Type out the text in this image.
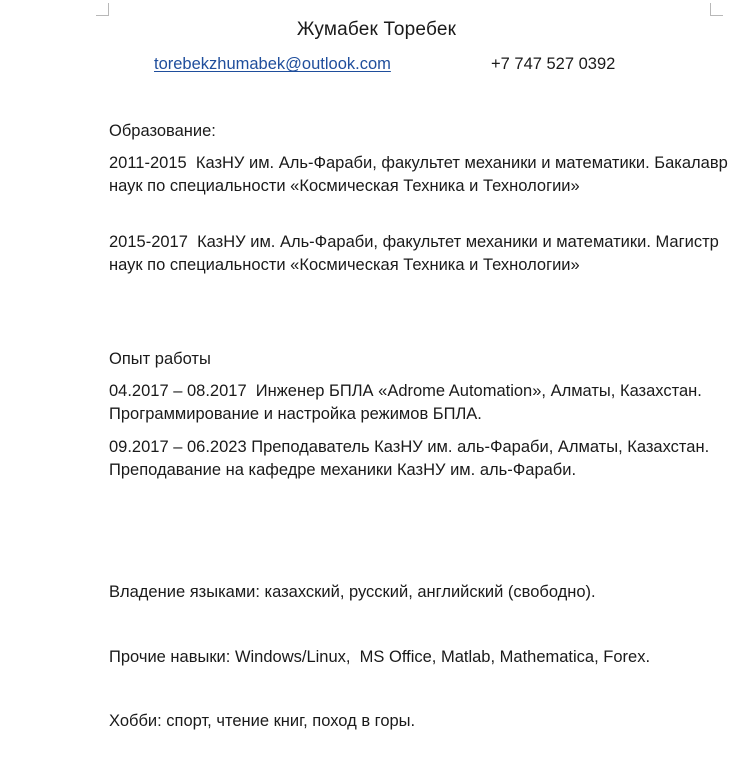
Жумабек Торебек
torebekzhumabek@outlook.com	+7 747 527 0392
Образование:
2011-2015  КазНУ им. Аль-Фараби, факультет механики и математики. Бакалавр наук по специальности «Космическая Техника и Технологии»
2015-2017  КазНУ им. Аль-Фараби, факультет механики и математики. Магистр наук по специальности «Космическая Техника и Технологии»
Опыт работы
04.2017 – 08.2017  Инженер БПЛА «Adrome Automation», Алматы, Казахстан. Программирование и настройка режимов БПЛА.
09.2017 – 06.2023 Преподаватель КазНУ им. аль-Фараби, Алматы, Казахстан. Преподавание на кафедре механики КазНУ им. аль-Фараби.
Владение языками: казахский, русский, английский (свободно).
Прочие навыки: Windows/Linux,  MS Office, Matlab, Mathematica, Forex.
Хобби: спорт, чтение книг, поход в горы.
